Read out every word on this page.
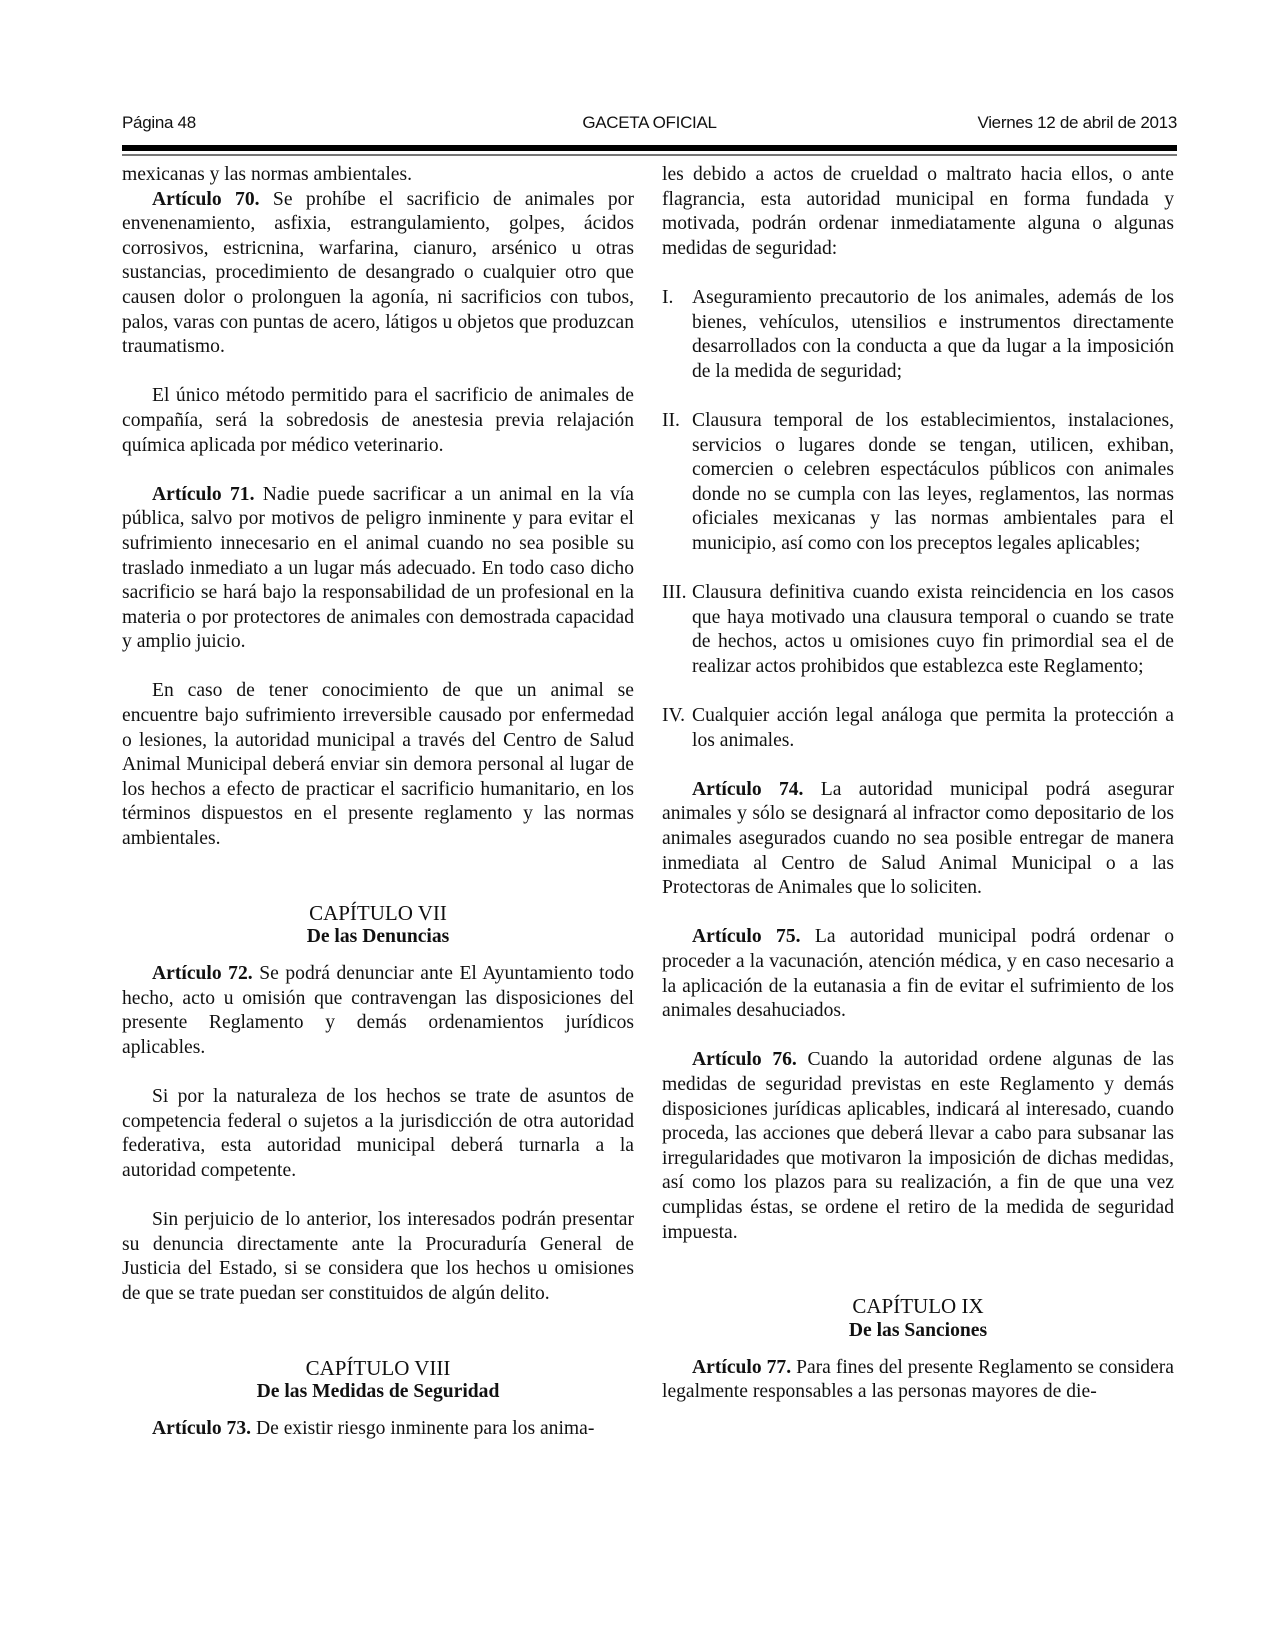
Página 48	GACETA OFICIAL	Viernes 12 de abril de 2013

mexicanas y las normas ambientales.

Artículo 70. Se prohíbe el sacrificio de animales por envenenamiento, asfixia, estrangulamiento, golpes, ácidos corrosivos, estricnina, warfarina, cianuro, arsénico u otras sustancias, procedimiento de desangrado o cualquier otro que causen dolor o prolonguen la agonía, ni sacrificios con tubos, palos, varas con puntas de acero, látigos u objetos que produzcan traumatismo.

El único método permitido para el sacrificio de animales de compañía, será la sobredosis de anestesia previa relajación química aplicada por médico veterinario.

Artículo 71. Nadie puede sacrificar a un animal en la vía pública, salvo por motivos de peligro inminente y para evitar el sufrimiento innecesario en el animal cuando no sea posible su traslado inmediato a un lugar más adecuado. En todo caso dicho sacrificio se hará bajo la responsabilidad de un profesional en la materia o por protectores de animales con demostrada capacidad y amplio juicio.

En caso de tener conocimiento de que un animal se encuentre bajo sufrimiento irreversible causado por enfermedad o lesiones, la autoridad municipal a través del Centro de Salud Animal Municipal deberá enviar sin demora personal al lugar de los hechos a efecto de practicar el sacrificio humanitario, en los términos dispuestos en el presente reglamento y las normas ambientales.

CAPÍTULO VII
De las Denuncias

Artículo 72. Se podrá denunciar ante El Ayuntamiento todo hecho, acto u omisión que contravengan las disposiciones del presente Reglamento y demás ordenamientos jurídicos aplicables.

Si por la naturaleza de los hechos se trate de asuntos de competencia federal o sujetos a la jurisdicción de otra autoridad federativa, esta autoridad municipal deberá turnarla a la autoridad competente.

Sin perjuicio de lo anterior, los interesados podrán presentar su denuncia directamente ante la Procuraduría General de Justicia del Estado, si se considera que los hechos u omisiones de que se trate puedan ser constituidos de algún delito.

CAPÍTULO VIII
De las Medidas de Seguridad

Artículo 73. De existir riesgo inminente para los anima-

les debido a actos de crueldad o maltrato hacia ellos, o ante flagrancia, esta autoridad municipal en forma fundada y motivada, podrán ordenar inmediatamente alguna o algunas medidas de seguridad:

I. Aseguramiento precautorio de los animales, además de los bienes, vehículos, utensilios e instrumentos directamente desarrollados con la conducta a que da lugar a la imposición de la medida de seguridad;

II. Clausura temporal de los establecimientos, instalaciones, servicios o lugares donde se tengan, utilicen, exhiban, comercien o celebren espectáculos públicos con animales donde no se cumpla con las leyes, reglamentos, las normas oficiales mexicanas y las normas ambientales para el municipio, así como con los preceptos legales aplicables;

III. Clausura definitiva cuando exista reincidencia en los casos que haya motivado una clausura temporal o cuando se trate de hechos, actos u omisiones cuyo fin primordial sea el de realizar actos prohibidos que establezca este Reglamento;

IV. Cualquier acción legal análoga que permita la protección a los animales.

Artículo 74. La autoridad municipal podrá asegurar animales y sólo se designará al infractor como depositario de los animales asegurados cuando no sea posible entregar de manera inmediata al Centro de Salud Animal Municipal o a las Protectoras de Animales que lo soliciten.

Artículo 75. La autoridad municipal podrá ordenar o proceder a la vacunación, atención médica, y en caso necesario a la aplicación de la eutanasia a fin de evitar el sufrimiento de los animales desahuciados.

Artículo 76. Cuando la autoridad ordene algunas de las medidas de seguridad previstas en este Reglamento y demás disposiciones jurídicas aplicables, indicará al interesado, cuando proceda, las acciones que deberá llevar a cabo para subsanar las irregularidades que motivaron la imposición de dichas medidas, así como los plazos para su realización, a fin de que una vez cumplidas éstas, se ordene el retiro de la medida de seguridad impuesta.

CAPÍTULO IX
De las Sanciones

Artículo 77. Para fines del presente Reglamento se considera legalmente responsables a las personas mayores de die-
